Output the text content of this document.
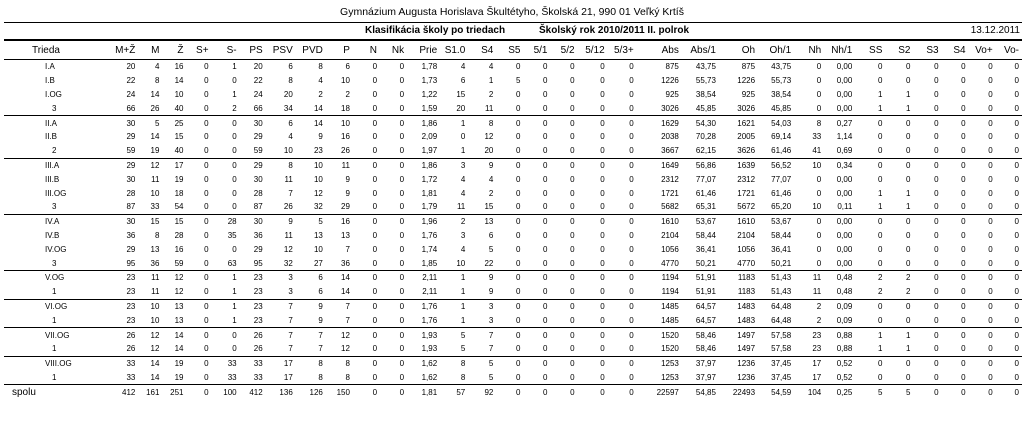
Gymnázium Augusta Horislava Škultétyho, Školská 21, 990 01 Veľký Krtíš
Klasifikácia školy po triedach	Školský rok 2010/2011 II. polrok	13.12.2011
Trieda	M+Ž	M	Ž	S+	S-	PS	PSV	PVD	P	N	Nk	Prie	S1.0	S4	S5	5/1	5/2	5/12	5/3+	Abs	Abs/1	Oh	Oh/1	Nh	Nh/1	SS	S2	S3	S4	Vo+	Vo-
I.A	20	4	16	0	1	20	6	8	6	0	0	1,78	4	4	0	0	0	0	0	875	43,75	875	43,75	0	0,00	0	0	0	0	0	0
I.B	22	8	14	0	0	22	8	4	10	0	0	1,73	6	1	5	0	0	0	0	1226	55,73	1226	55,73	0	0,00	0	0	0	0	0	0
I.OG	24	14	10	0	1	24	20	2	2	0	0	1,22	15	2	0	0	0	0	0	925	38,54	925	38,54	0	0,00	1	1	0	0	0	0
3	66	26	40	0	2	66	34	14	18	0	0	1,59	20	11	0	0	0	0	0	3026	45,85	3026	45,85	0	0,00	1	1	0	0	0	0
II.A	30	5	25	0	0	30	6	14	10	0	0	1,86	1	8	0	0	0	0	0	1629	54,30	1621	54,03	8	0,27	0	0	0	0	0	0
II.B	29	14	15	0	0	29	4	9	16	0	0	2,09	0	12	0	0	0	0	0	2038	70,28	2005	69,14	33	1,14	0	0	0	0	0	0
2	59	19	40	0	0	59	10	23	26	0	0	1,97	1	20	0	0	0	0	0	3667	62,15	3626	61,46	41	0,69	0	0	0	0	0	0
III.A	29	12	17	0	0	29	8	10	11	0	0	1,86	3	9	0	0	0	0	0	1649	56,86	1639	56,52	10	0,34	0	0	0	0	0	0
III.B	30	11	19	0	0	30	11	10	9	0	0	1,72	4	4	0	0	0	0	0	2312	77,07	2312	77,07	0	0,00	0	0	0	0	0	0
III.OG	28	10	18	0	0	28	7	12	9	0	0	1,81	4	2	0	0	0	0	0	1721	61,46	1721	61,46	0	0,00	1	1	0	0	0	0
3	87	33	54	0	0	87	26	32	29	0	0	1,79	11	15	0	0	0	0	0	5682	65,31	5672	65,20	10	0,11	1	1	0	0	0	0
IV.A	30	15	15	0	28	30	9	5	16	0	0	1,96	2	13	0	0	0	0	0	1610	53,67	1610	53,67	0	0,00	0	0	0	0	0	0
IV.B	36	8	28	0	35	36	11	13	13	0	0	1,76	3	6	0	0	0	0	0	2104	58,44	2104	58,44	0	0,00	0	0	0	0	0	0
IV.OG	29	13	16	0	0	29	12	10	7	0	0	1,74	4	5	0	0	0	0	0	1056	36,41	1056	36,41	0	0,00	0	0	0	0	0	0
3	95	36	59	0	63	95	32	27	36	0	0	1,85	10	22	0	0	0	0	0	4770	50,21	4770	50,21	0	0,00	0	0	0	0	0	0
V.OG	23	11	12	0	1	23	3	6	14	0	0	2,11	1	9	0	0	0	0	0	1194	51,91	1183	51,43	11	0,48	2	2	0	0	0	0
1	23	11	12	0	1	23	3	6	14	0	0	2,11	1	9	0	0	0	0	0	1194	51,91	1183	51,43	11	0,48	2	2	0	0	0	0
VI.OG	23	10	13	0	1	23	7	9	7	0	0	1,76	1	3	0	0	0	0	0	1485	64,57	1483	64,48	2	0,09	0	0	0	0	0	0
1	23	10	13	0	1	23	7	9	7	0	0	1,76	1	3	0	0	0	0	0	1485	64,57	1483	64,48	2	0,09	0	0	0	0	0	0
VII.OG	26	12	14	0	0	26	7	7	12	0	0	1,93	5	7	0	0	0	0	0	1520	58,46	1497	57,58	23	0,88	1	1	0	0	0	0
1	26	12	14	0	0	26	7	7	12	0	0	1,93	5	7	0	0	0	0	0	1520	58,46	1497	57,58	23	0,88	1	1	0	0	0	0
VIII.OG	33	14	19	0	33	33	17	8	8	0	0	1,62	8	5	0	0	0	0	0	1253	37,97	1236	37,45	17	0,52	0	0	0	0	0	0
1	33	14	19	0	33	33	17	8	8	0	0	1,62	8	5	0	0	0	0	0	1253	37,97	1236	37,45	17	0,52	0	0	0	0	0	0
spolu	412	161	251	0	100	412	136	126	150	0	0	1,81	57	92	0	0	0	0	0	22597	54,85	22493	54,59	104	0,25	5	5	0	0	0	0
